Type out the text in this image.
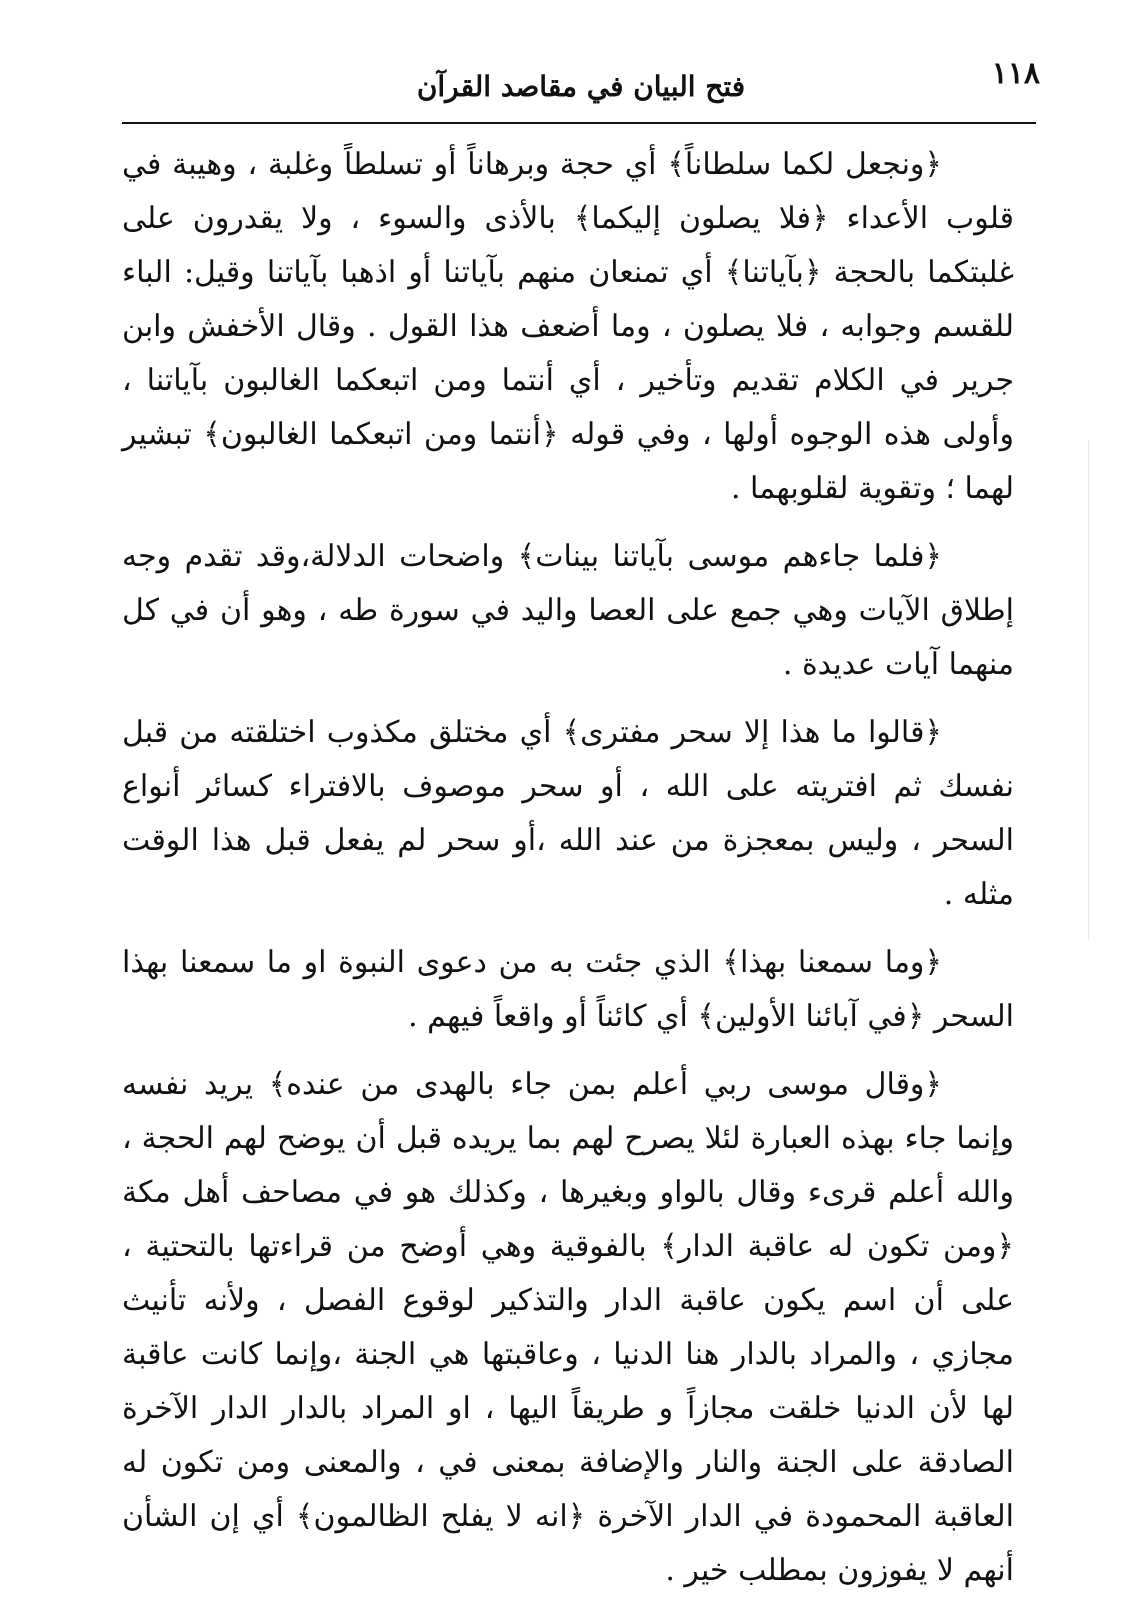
١١٨
فتح البيان في مقاصد القرآن

﴿ونجعل لكما سلطاناً﴾ أي حجة وبرهاناً أو تسلطاً وغلبة ، وهيبة في قلوب الأعداء ﴿فلا يصلون إليكما﴾ بالأذى والسوء ، ولا يقدرون على غلبتكما بالحجة ﴿بآياتنا﴾ أي تمنعان منهم بآياتنا أو اذهبا بآياتنا وقيل: الباء للقسم وجوابه ، فلا يصلون ، وما أضعف هذا القول . وقال الأخفش وابن جرير في الكلام تقديم وتأخير ، أي أنتما ومن اتبعكما الغالبون بآياتنا ، وأولى هذه الوجوه أولها ، وفي قوله ﴿أنتما ومن اتبعكما الغالبون﴾ تبشير لهما ؛ وتقوية لقلوبهما .

﴿فلما جاءهم موسى بآياتنا بينات﴾ واضحات الدلالة،وقد تقدم وجه إطلاق الآيات وهي جمع على العصا واليد في سورة طه ، وهو أن في كل منهما آيات عديدة .

﴿قالوا ما هذا إلا سحر مفترى﴾ أي مختلق مكذوب اختلقته من قبل نفسك ثم افتريته على الله ، أو سحر موصوف بالافتراء كسائر أنواع السحر ، وليس بمعجزة من عند الله ،أو سحر لم يفعل قبل هذا الوقت مثله .

﴿وما سمعنا بهذا﴾ الذي جئت به من دعوى النبوة او ما سمعنا بهذا السحر ﴿في آبائنا الأولين﴾ أي كائناً أو واقعاً فيهم .

﴿وقال موسى ربي أعلم بمن جاء بالهدى من عنده﴾ يريد نفسه وإنما جاء بهذه العبارة لئلا يصرح لهم بما يريده قبل أن يوضح لهم الحجة ، والله أعلم قرىء وقال بالواو وبغيرها ، وكذلك هو في مصاحف أهل مكة ﴿ومن تكون له عاقبة الدار﴾ بالفوقية وهي أوضح من قراءتها بالتحتية ، على أن اسم يكون عاقبة الدار والتذكير لوقوع الفصل ، ولأنه تأنيث مجازي ، والمراد بالدار هنا الدنيا ، وعاقبتها هي الجنة ،وإنما كانت عاقبة لها لأن الدنيا خلقت مجازاً و طريقاً اليها ، او المراد بالدار الدار الآخرة الصادقة على الجنة والنار والإضافة بمعنى في ، والمعنى ومن تكون له العاقبة المحمودة في الدار الآخرة ﴿انه لا يفلح الظالمون﴾ أي إن الشأن أنهم لا يفوزون بمطلب خير .
